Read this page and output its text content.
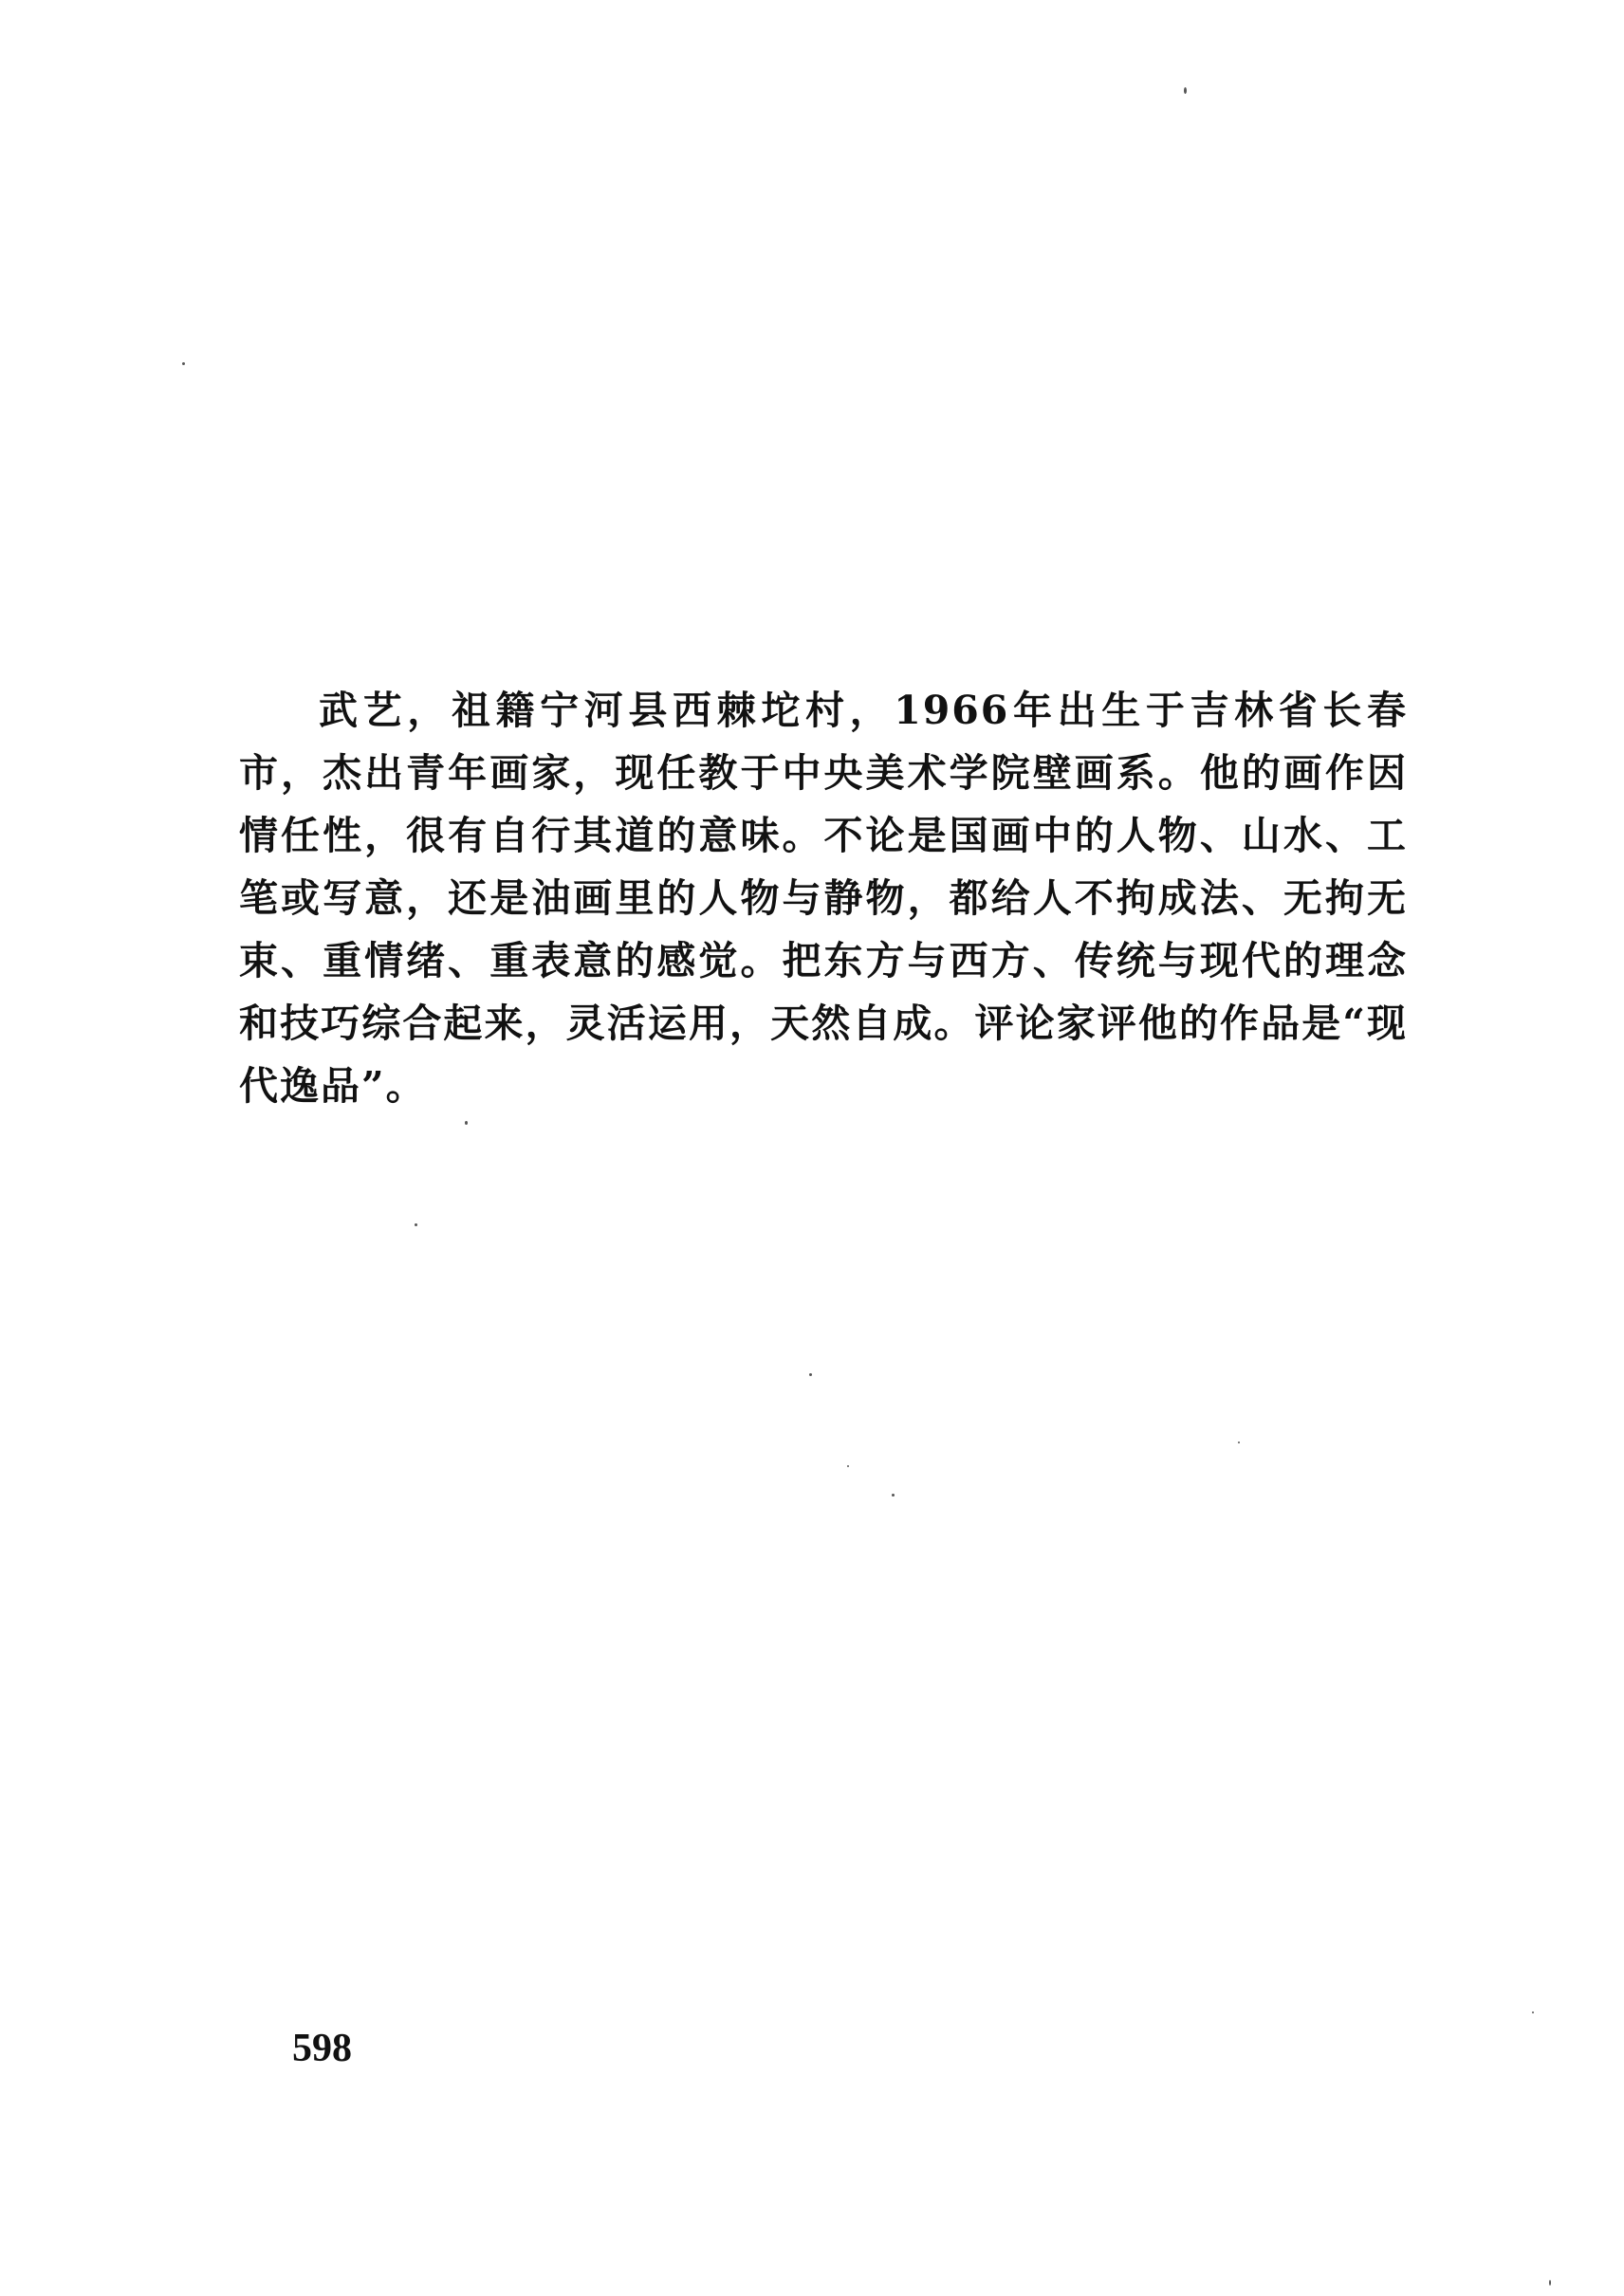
武艺，祖籍宁河县西棘坨村，1966年出生于吉林省长春市，杰出青年画家，现任教于中央美术学院壁画系。他的画作因情任性，很有自行其道的意味。不论是国画中的人物、山水、工笔或写意，还是油画里的人物与静物，都给人不拘成法、无拘无束、重情绪、重表意的感觉。把东方与西方、传统与现代的理念和技巧综合起来，灵活运用，天然自成。评论家评他的作品是“现代逸品”。

598
